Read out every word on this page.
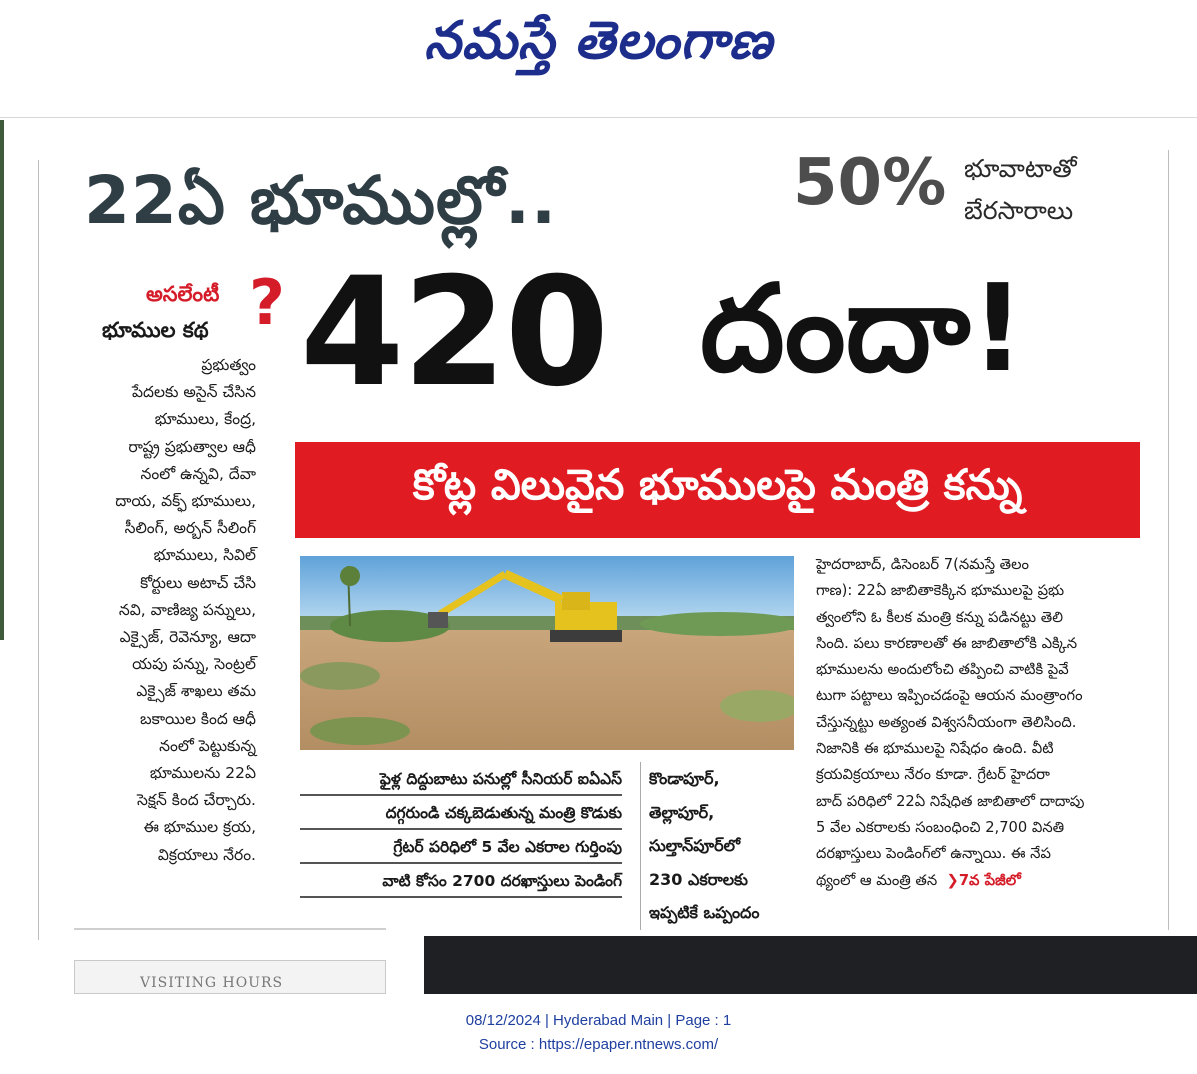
నమస్తే తెలంగాణ
22ఏ భూముల్లో..	50% భూవాటాతో
బేరసారాలు
అసలేంటీ
భూముల కథ ? 420 దందా!
కోట్ల విలువైన భూములపై మంత్రి కన్ను
ప్రభుత్వం
పేదలకు అసైన్ చేసిన
భూములు, కేంద్ర,
రాష్ట్ర ప్రభుత్వాల ఆధీ
నంలో ఉన్నవి, దేవా
దాయ, వక్ఫ్ భూములు,
సీలింగ్, అర్బన్ సీలింగ్
భూములు, సివిల్
కోర్టులు అటాచ్ చేసి
నవి, వాణిజ్య పన్నులు,
ఎక్సైజ్, రెవెన్యూ, ఆదా
యపు పన్ను, సెంట్రల్
ఎక్సైజ్ శాఖలు తమ
బకాయిల కింద ఆధీ
నంలో పెట్టుకున్న
భూములను 22ఏ
సెక్షన్ కింద చేర్చారు.
ఈ భూముల క్రయ,
విక్రయాలు నేరం.
ఫైళ్ల దిద్దుబాటు పనుల్లో సీనియర్ ఐఏఎస్
దగ్గరుండి చక్కబెడుతున్న మంత్రి కొడుకు
గ్రేటర్ పరిధిలో 5 వేల ఎకరాల గుర్తింపు
వాటి కోసం 2700 దరఖాస్తులు పెండింగ్
కొండాపూర్,
తెల్లాపూర్,
సుల్తాన్‌పూర్‌లో
230 ఎకరాలకు
ఇప్పటికే ఒప్పందం
హైదరాబాద్, డిసెంబర్ 7(నమస్తే తెలం
గాణ): 22ఏ జాబితాకెక్కిన భూములపై ప్రభు
త్వంలోని ఓ కీలక మంత్రి కన్ను పడినట్టు తెలి
సింది. పలు కారణాలతో ఈ జాబితాలోకి ఎక్కిన
భూములను అందులోంచి తప్పించి వాటికి పైవే
టుగా పట్టాలు ఇప్పించడంపై ఆయన మంత్రాంగం
చేస్తున్నట్టు అత్యంత విశ్వసనీయంగా తెలిసింది.
నిజానికి ఈ భూములపై నిషేధం ఉంది. వీటి
క్రయవిక్రయాలు నేరం కూడా. గ్రేటర్ హైదరా
బాద్ పరిధిలో 22ఏ నిషేధిత జాబితాలో దాదాపు
5 వేల ఎకరాలకు సంబంధించి 2,700 వినతి
దరఖాస్తులు పెండింగ్‌లో ఉన్నాయి. ఈ నేప
థ్యంలో ఆ మంత్రి తన ❯7వ పేజీలో
VISITING HOURS
08/12/2024 | Hyderabad Main | Page : 1
Source : https://epaper.ntnews.com/
